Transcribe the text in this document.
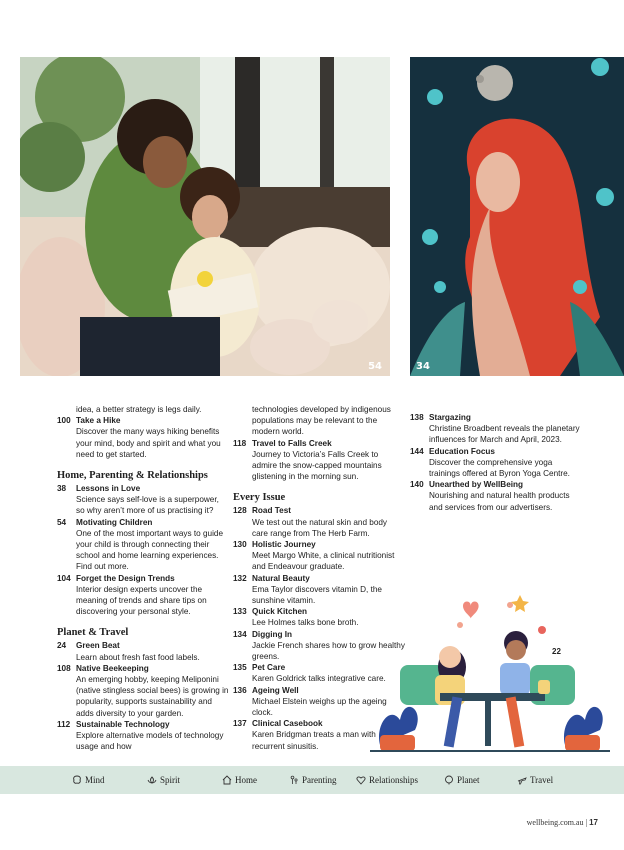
54	34
idea, a better strategy is legs daily.
100 Take a Hike
Discover the many ways hiking benefits your mind, body and spirit and what you need to get started.
Home, Parenting & Relationships
38	Lessons in Love
Science says self-love is a superpower, so why aren’t more of us practising it?
54	Motivating Children
One of the most important ways to guide your child is through connecting their school and home learning experiences. Find out more.
104 Forget the Design Trends
Interior design experts uncover the meaning of trends and share tips on discovering your personal style.
Planet & Travel
24	Green Beat
Learn about fresh fast food labels.
108 Native Beekeeping
An emerging hobby, keeping Meliponini (native stingless social bees) is growing in popularity, supports sustainability and adds diversity to your garden.
112 Sustainable Technology
Explore alternative models of technology usage and how
technologies developed by indigenous populations may be relevant to the modern world.
118 Travel to Falls Creek
Journey to Victoria’s Falls Creek to admire the snow-capped mountains glistening in the morning sun.
Every Issue
128 Road Test
We test out the natural skin and body care range from The Herb Farm.
130 Holistic Journey
Meet Margo White, a clinical nutritionist and Endeavour graduate.
132 Natural Beauty
Ema Taylor discovers vitamin D, the sunshine vitamin.
133 Quick Kitchen
Lee Holmes talks bone broth.
134 Digging In
Jackie French shares how to grow healthy greens.
135 Pet Care
Karen Goldrick talks integrative care.
136 Ageing Well
Michael Elstein weighs up the ageing clock.
137 Clinical Casebook
Karen Bridgman treats a man with recurrent sinusitis.
138 Stargazing
Christine Broadbent reveals the planetary influences for March and April, 2023.
144 Education Focus
Discover the comprehensive yoga trainings offered at Byron Yoga Centre.
140 Unearthed by WellBeing
Nourishing and natural health products and services from our advertisers.
22
Mind	Spirit	Home	Parenting	Relationships	Planet	Travel
wellbeing.com.au | 17
